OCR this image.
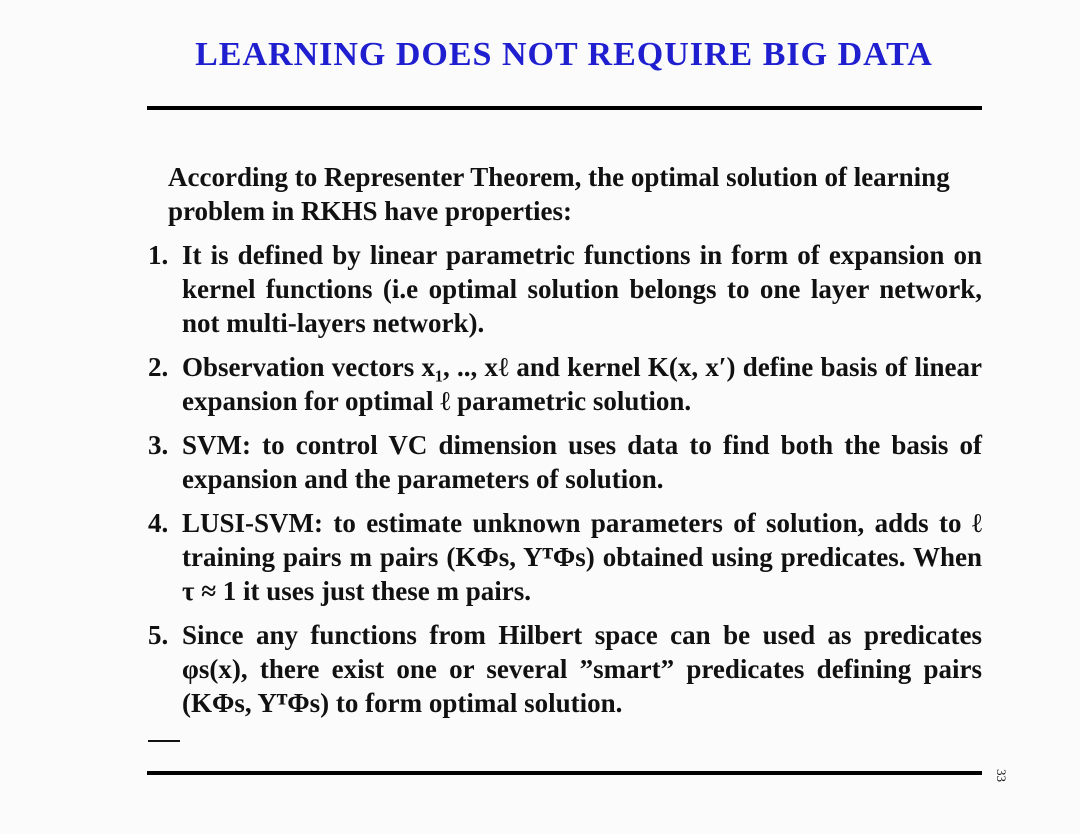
LEARNING DOES NOT REQUIRE BIG DATA
According to Representer Theorem, the optimal solution of learning problem in RKHS have properties:
1. It is defined by linear parametric functions in form of expansion on kernel functions (i.e optimal solution belongs to one layer network, not multi-layers network).
2. Observation vectors x₁, .., xℓ and kernel K(x, x′) define basis of linear expansion for optimal ℓ parametric solution.
3. SVM: to control VC dimension uses data to find both the basis of expansion and the parameters of solution.
4. LUSI-SVM: to estimate unknown parameters of solution, adds to ℓ training pairs m pairs (KΦs, YᵀΦs) obtained using predicates. When τ ≈ 1 it uses just these m pairs.
5. Since any functions from Hilbert space can be used as predicates φs(x), there exist one or several ”smart” predicates defining pairs (KΦs, YᵀΦs) to form optimal solution.
33
